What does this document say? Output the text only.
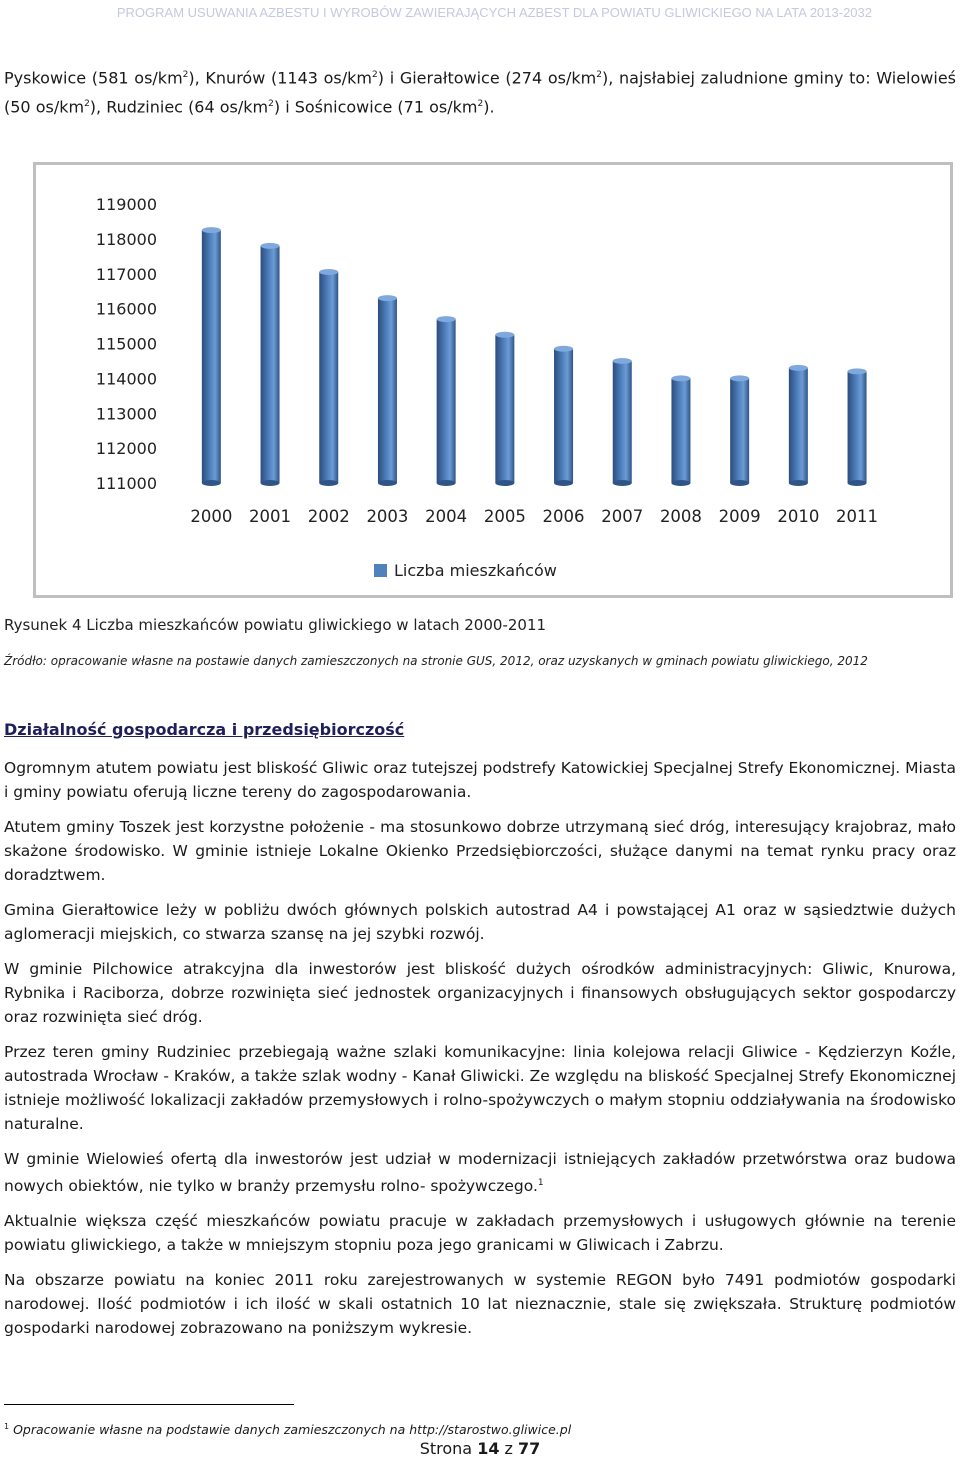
PROGRAM USUWANIA AZBESTU I WYROBÓW ZAWIERAJĄCYCH AZBEST DLA POWIATU GLIWICKIEGO NA LATA 2013-2032

Pyskowice (581 $os/km^2$), Knurów (1143 $os/km^2$) i Gierałtowice (274 $os/km^2$), najsłabiej zaludnione gminy to: Wielowieś (50 $os/km^2$), Rudziniec (64 $os/km^2$) i Sośnicowice (71 $os/km^2$).

119000
118000
117000
116000
115000
114000
113000
112000
111000
2000 2001 2002 2003 2004 2005 2006 2007 2008 2009 2010 2011
Liczba mieszkańców

Rysunek 4 Liczba mieszkańców powiatu gliwickiego w latach 2000-2011

Źródło: opracowanie własne na postawie danych zamieszczonych na stronie GUS, 2012, oraz uzyskanych w gminach powiatu gliwickiego, 2012

Działalność gospodarcza i przedsiębiorczość

Ogromnym atutem powiatu jest bliskość Gliwic oraz tutejszej podstrefy Katowickiej Specjalnej Strefy Ekonomicznej. Miasta i gminy powiatu oferują liczne tereny do zagospodarowania.

Atutem gminy Toszek jest korzystne położenie - ma stosunkowo dobrze utrzymaną sieć dróg, interesujący krajobraz, mało skażone środowisko. W gminie istnieje Lokalne Okienko Przedsiębiorczości, służące danymi na temat rynku pracy oraz doradztwem.

Gmina Gierałtowice leży w pobliżu dwóch głównych polskich autostrad A4 i powstającej A1 oraz w sąsiedztwie dużych aglomeracji miejskich, co stwarza szansę na jej szybki rozwój.

W gminie Pilchowice atrakcyjna dla inwestorów jest bliskość dużych ośrodków administracyjnych: Gliwic, Knurowa, Rybnika i Raciborza, dobrze rozwinięta sieć jednostek organizacyjnych i finansowych obsługujących sektor gospodarczy oraz rozwinięta sieć dróg.

Przez teren gminy Rudziniec przebiegają ważne szlaki komunikacyjne: linia kolejowa relacji Gliwice - Kędzierzyn Koźle, autostrada Wrocław - Kraków, a także szlak wodny - Kanał Gliwicki. Ze względu na bliskość Specjalnej Strefy Ekonomicznej istnieje możliwość lokalizacji zakładów przemysłowych i rolno-spożywczych o małym stopniu oddziaływania na środowisko naturalne.

W gminie Wielowieś ofertą dla inwestorów jest udział w modernizacji istniejących zakładów przetwórstwa oraz budowa nowych obiektów, nie tylko w branży przemysłu rolno- spożywczego.$^1$

Aktualnie większa część mieszkańców powiatu pracuje w zakładach przemysłowych i usługowych głównie na terenie powiatu gliwickiego, a także w mniejszym stopniu poza jego granicami w Gliwicach i Zabrzu.

Na obszarze powiatu na koniec 2011 roku zarejestrowanych w systemie REGON było 7491 podmiotów gospodarki narodowej. Ilość podmiotów i ich ilość w skali ostatnich 10 lat nieznacznie, stale się zwiększała. Strukturę podmiotów gospodarki narodowej zobrazowano na poniższym wykresie.

$^1$ Opracowanie własne na podstawie danych zamieszczonych na http://starostwo.gliwice.pl

Strona 14 z 77
